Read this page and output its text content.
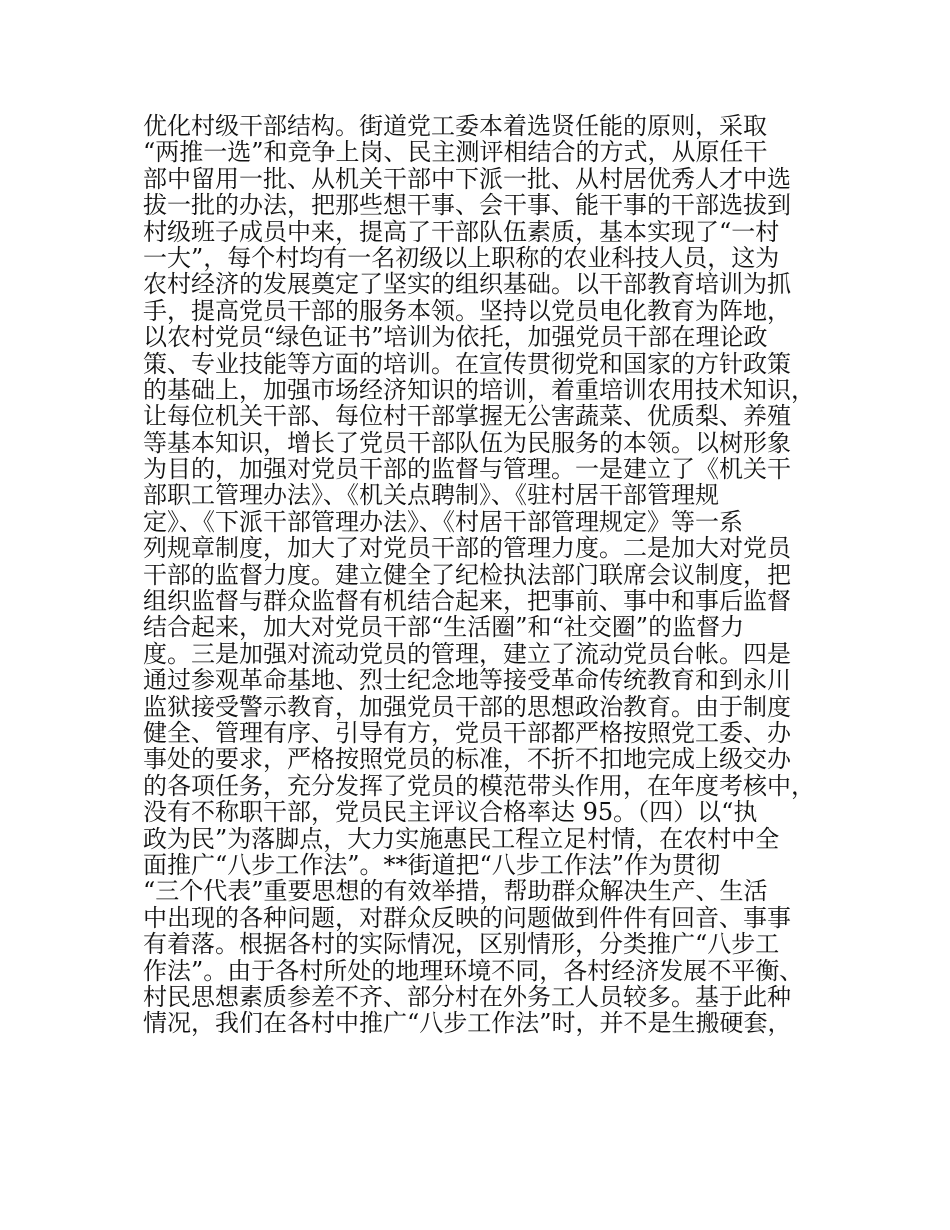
优化村级干部结构。街道党工委本着选贤任能的原则，采取
“两推一选”和竞争上岗、民主测评相结合的方式，从原任干
部中留用一批、从机关干部中下派一批、从村居优秀人才中选
拔一批的办法，把那些想干事、会干事、能干事的干部选拔到
村级班子成员中来，提高了干部队伍素质，基本实现了“一村
一大”，每个村均有一名初级以上职称的农业科技人员，这为
农村经济的发展奠定了坚实的组织基础。以干部教育培训为抓
手，提高党员干部的服务本领。坚持以党员电化教育为阵地，
以农村党员“绿色证书”培训为依托，加强党员干部在理论政
策、专业技能等方面的培训。在宣传贯彻党和国家的方针政策
的基础上，加强市场经济知识的培训，着重培训农用技术知识，
让每位机关干部、每位村干部掌握无公害蔬菜、优质梨、养殖
等基本知识，增长了党员干部队伍为民服务的本领。以树形象
为目的，加强对党员干部的监督与管理。一是建立了《机关干
部职工管理办法》、《机关点聘制》、《驻村居干部管理规
定》、《下派干部管理办法》、《村居干部管理规定》等一系
列规章制度，加大了对党员干部的管理力度。二是加大对党员
干部的监督力度。建立健全了纪检执法部门联席会议制度，把
组织监督与群众监督有机结合起来，把事前、事中和事后监督
结合起来，加大对党员干部“生活圈”和“社交圈”的监督力
度。三是加强对流动党员的管理，建立了流动党员台帐。四是
通过参观革命基地、烈士纪念地等接受革命传统教育和到永川
监狱接受警示教育，加强党员干部的思想政治教育。由于制度
健全、管理有序、引导有方，党员干部都严格按照党工委、办
事处的要求，严格按照党员的标准，不折不扣地完成上级交办
的各项任务，充分发挥了党员的模范带头作用，在年度考核中，
没有不称职干部，党员民主评议合格率达 95。（四）以“执
政为民”为落脚点，大力实施惠民工程立足村情，在农村中全
面推广“八步工作法”。**街道把“八步工作法”作为贯彻
“三个代表”重要思想的有效举措，帮助群众解决生产、生活
中出现的各种问题，对群众反映的问题做到件件有回音、事事
有着落。根据各村的实际情况，区别情形，分类推广“八步工
作法”。由于各村所处的地理环境不同，各村经济发展不平衡、
村民思想素质参差不齐、部分村在外务工人员较多。基于此种
情况，我们在各村中推广“八步工作法”时，并不是生搬硬套，
